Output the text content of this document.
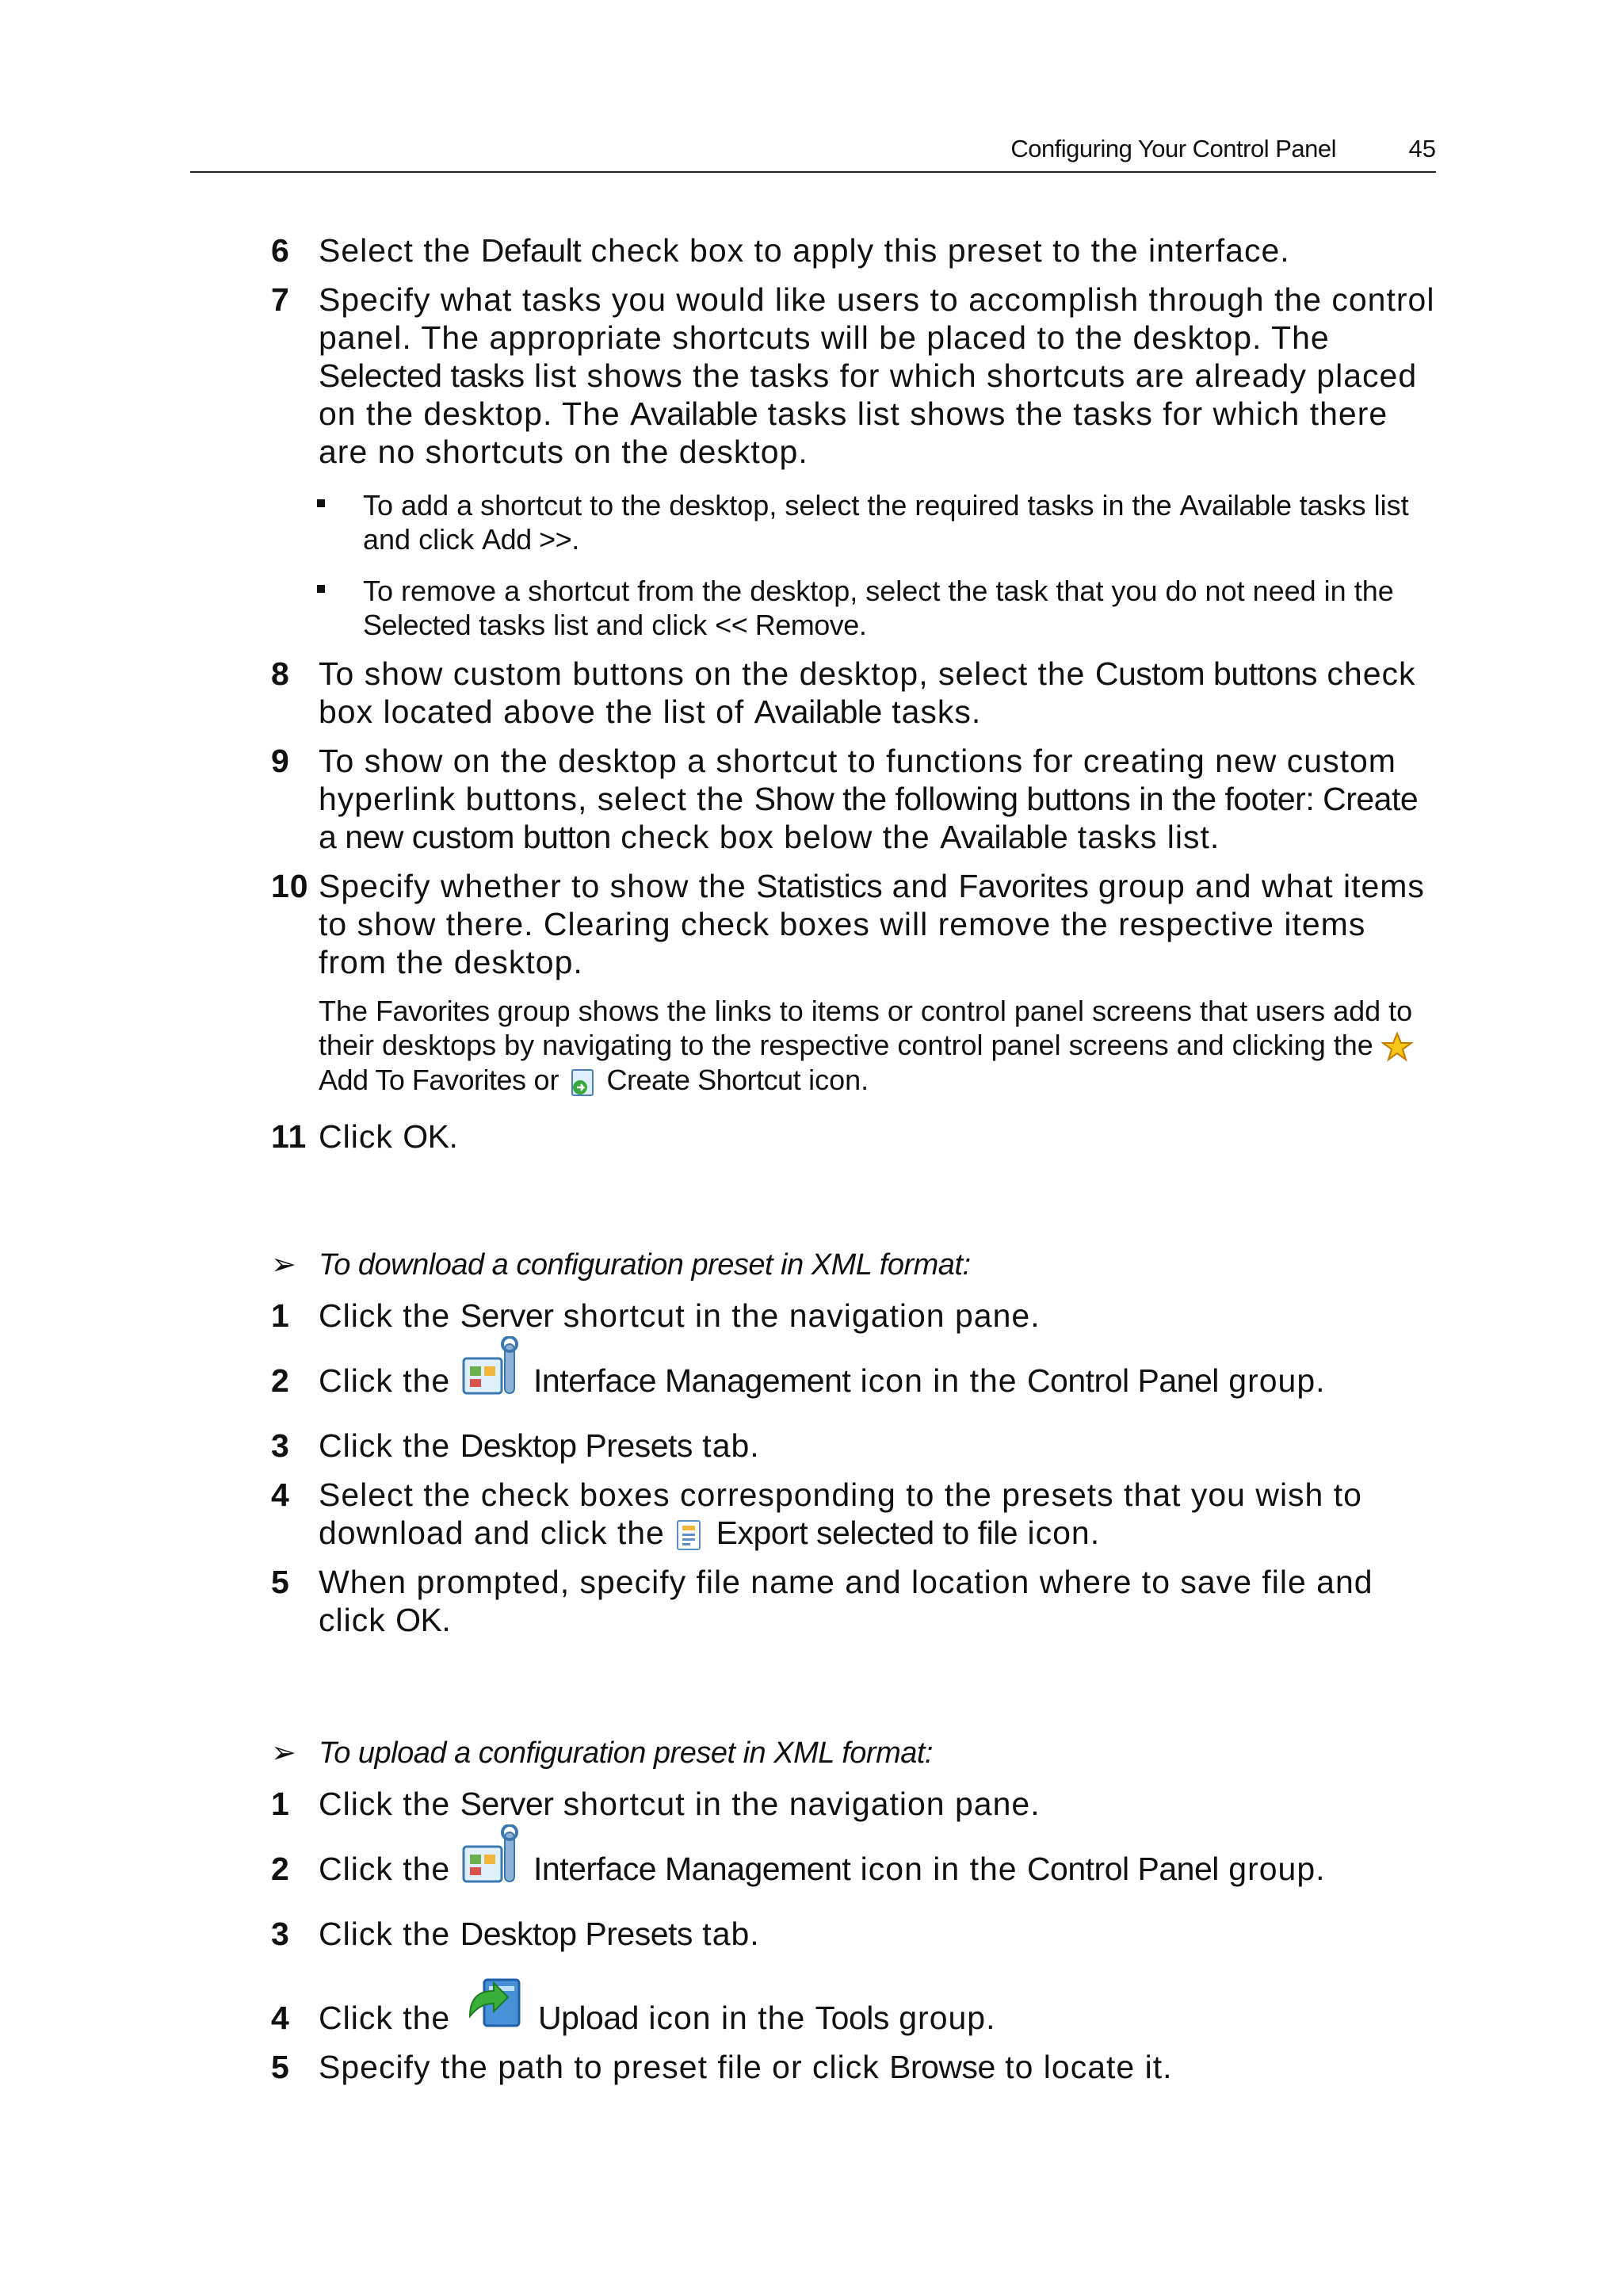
Configuring Your Control Panel	45
6 Select the Default check box to apply this preset to the interface.
7 Specify what tasks you would like users to accomplish through the control panel. The appropriate shortcuts will be placed to the desktop. The Selected tasks list shows the tasks for which shortcuts are already placed on the desktop. The Available tasks list shows the tasks for which there are no shortcuts on the desktop.
To add a shortcut to the desktop, select the required tasks in the Available tasks list and click Add >>.
To remove a shortcut from the desktop, select the task that you do not need in the Selected tasks list and click << Remove.
8 To show custom buttons on the desktop, select the Custom buttons check box located above the list of Available tasks.
9 To show on the desktop a shortcut to functions for creating new custom hyperlink buttons, select the Show the following buttons in the footer: Create a new custom button check box below the Available tasks list.
10 Specify whether to show the Statistics and Favorites group and what items to show there. Clearing check boxes will remove the respective items from the desktop.
The Favorites group shows the links to items or control panel screens that users add to their desktops by navigating to the respective control panel screens and clicking the  Add To Favorites or  Create Shortcut icon.
11 Click OK.
➢ To download a configuration preset in XML format:
1 Click the Server shortcut in the navigation pane.
2 Click the  Interface Management icon in the Control Panel group.
3 Click the Desktop Presets tab.
4 Select the check boxes corresponding to the presets that you wish to download and click the  Export selected to file icon.
5 When prompted, specify file name and location where to save file and click OK.
➢ To upload a configuration preset in XML format:
1 Click the Server shortcut in the navigation pane.
2 Click the  Interface Management icon in the Control Panel group.
3 Click the Desktop Presets tab.
4 Click the  Upload icon in the Tools group.
5 Specify the path to preset file or click Browse to locate it.
